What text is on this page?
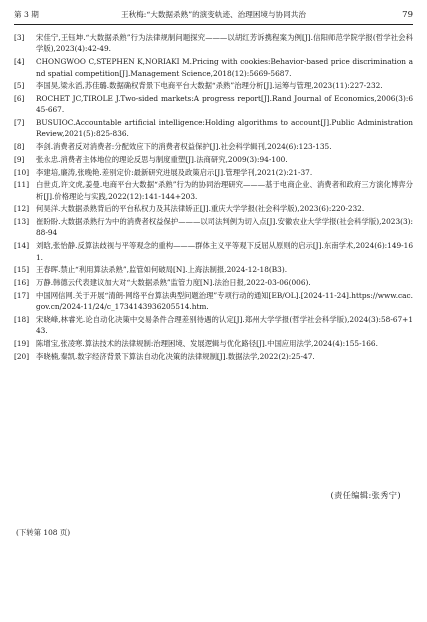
第 3 期	王秋梅:“大数据杀熟”的演变轨迹、治理困境与协同共治	79
[3] 宋佳宁,王钰坤.“大数据杀熟”行为法律规制问题探究———以胡红芳诉携程案为例[J].信阳师范学院学报(哲学社会科学版),2023(4):42-49.
[4] CHONGWOO C,STEPHEN K,NORIAKI M.Pricing with cookies:Behavior-based price discrimination and spatial competition[J].Management Science,2018(12):5669-5687.
[5] 李国昊,梁永滔,苏佳璐.数据确权背景下电商平台大数据“杀熟”治理分析[J].运筹与管理,2023(11):227-232.
[6] ROCHET JC,TIROLE J.Two-sided markets:A progress report[J].Rand Journal of Economics,2006(3):645-667.
[7] BUSUIOC.Accountable artificial intelligence:Holding algorithms to account[J].Public Administration Review,2021(5):825-836.
[8] 李剑.消费者反对消费者:分配效应下的消费者权益保护[J].社会科学辑刊,2024(6):123-135.
[9] 张永忠.消费者主体地位的理论反思与制度重塑[J].法商研究,2009(3):94-100.
[10] 李建培,廉涛,张晚艳.差别定价:最新研究进展及政策启示[J].管理学刊,2021(2):21-37.
[11] 白世贞,许文虎,姜曼.电商平台大数据“杀熟”行为的协同治理研究———基于电商企业、消费者和政府三方演化博弈分析[J].价格理论与实践,2022(12):141-144+203.
[12] 何昊洋.大数据杀熟背后的平台私权力及其法律矫正[J].重庆大学学报(社会科学版),2023(6):220-232.
[13] 崔盼盼.大数据杀熟行为中的消费者权益保护———以司法判例为切入点[J].安徽农业大学学报(社会科学版),2023(3):88-94
[14] 刘晗,张怡静.反算法歧视与平等观念的重构———群体主义平等观下反屈从原则的启示[J].东南学术,2024(6):149-161.
[15] 王春晖.禁止“利用算法杀熟”,监管如何破局[N].上海法制报,2024-12-18(B3).
[16] 万静.韩德云代表建议加大对“大数据杀熟”监管力度[N].法治日报,2022-03-06(006).
[17] 中国网信网.关于开展“清朗·网络平台算法典型问题治理”专项行动的通知[EB/OL].[2024-11-24].https://www.cac.gov.cn/2024-11/24/c_1734143936205514.htm.
[18] 宋晓峰,林睿光.论自动化决策中交易条件合理差别待遇的认定[J].郑州大学学报(哲学社会科学版),2024(3):58-67+143.
[19] 陈增宝,张凌寒.算法技术的法律规制:治理困境、发展逻辑与优化路径[J].中国应用法学,2024(4):155-166.
[20] 李晓楠,秦凯.数字经济背景下算法自动化决策的法律规制[J].数据法学,2022(2):25-47.
(责任编辑:张秀宁)
(下转第 108 页)
